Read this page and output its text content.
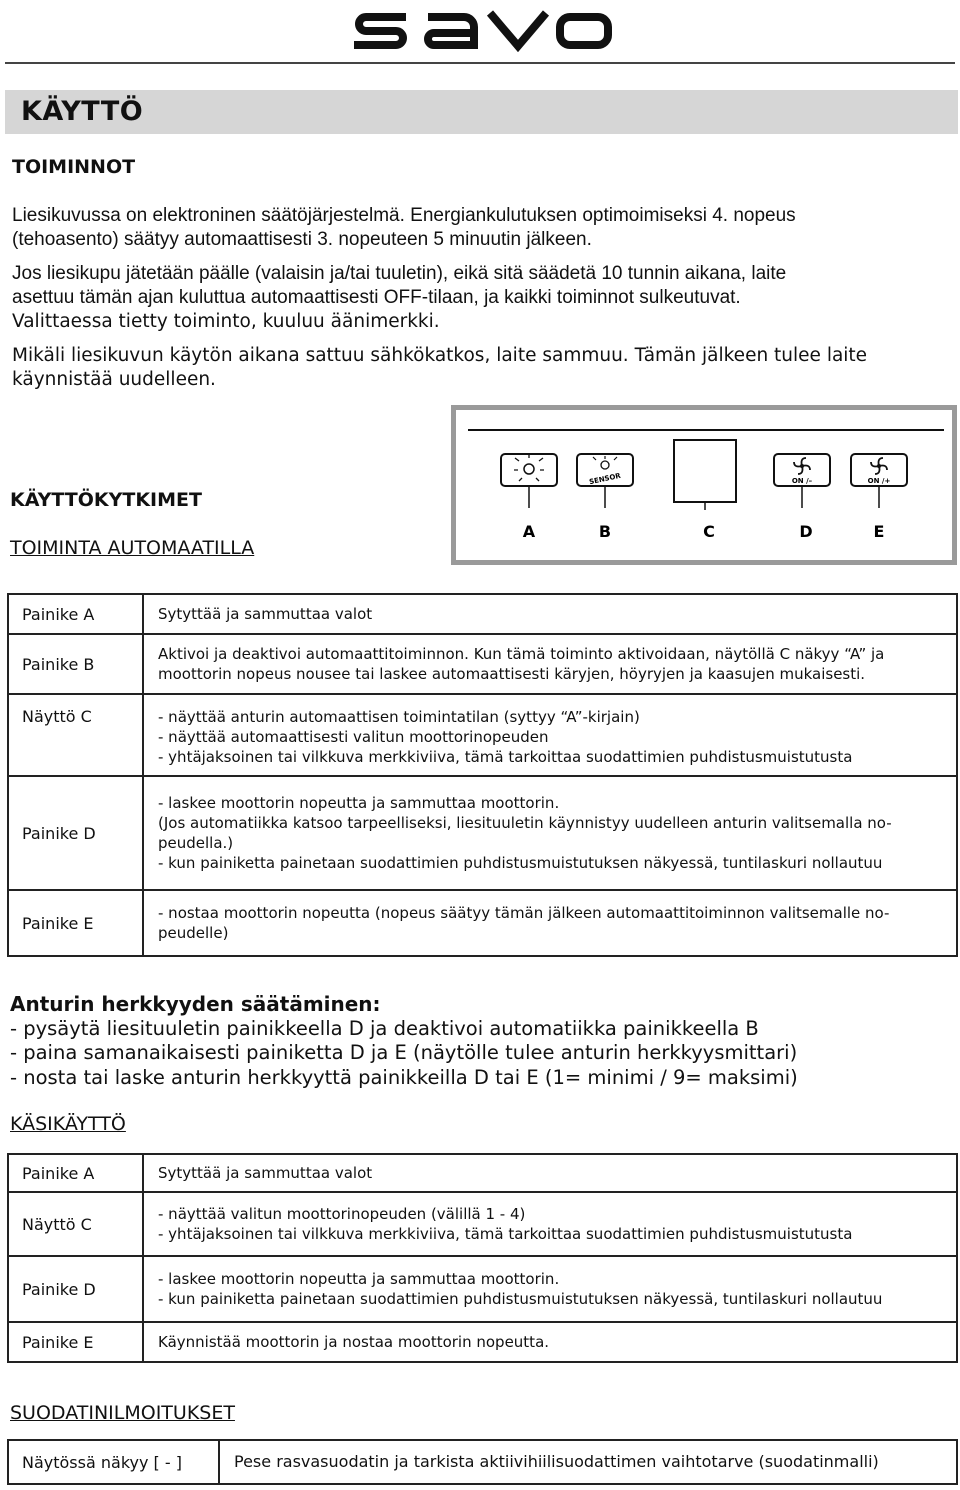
KÄYTTÖ
TOIMINNOT
Liesikuvussa on elektroninen säätöjärjestelmä. Energiankulutuksen optimoimiseksi 4. nopeus
(tehoasento) säätyy automaattisesti 3. nopeuteen 5 minuutin jälkeen.
Jos liesikupu jätetään päälle (valaisin ja/tai tuuletin), eikä sitä säädetä 10 tunnin aikana, laite
asettuu tämän ajan kuluttua automaattisesti OFF-tilaan, ja kaikki toiminnot sulkeutuvat.
Valittaessa tietty toiminto, kuuluu äänimerkki.
Mikäli liesikuvun käytön aikana sattuu sähkökatkos, laite sammuu. Tämän jälkeen tulee laite
käynnistää uudelleen.
SENSOR	ON /–	ON /+
A	B	C	D	E
KÄYTTÖKYTKIMET
TOIMINTA AUTOMAATILLA
Painike A	Sytyttää ja sammuttaa valot

Painike B	Aktivoi ja deaktivoi automaattitoiminnon. Kun tämä toiminto aktivoidaan, näytöllä C näkyy “A” ja
moottorin nopeus nousee tai laskee automaattisesti käryjen, höyryjen ja kaasujen mukaisesti.

Näyttö C	- näyttää anturin automaattisen toimintatilan (syttyy “A”-kirjain)
- näyttää automaattisesti valitun moottorinopeuden
- yhtäjaksoinen tai vilkkuva merkkiviiva, tämä tarkoittaa suodattimien puhdistusmuistutusta

Painike D	- laskee moottorin nopeutta ja sammuttaa moottorin.
(Jos automatiikka katsoo tarpeelliseksi, liesituuletin käynnistyy uudelleen anturin valitsemalla no-
peudella.)
- kun painiketta painetaan suodattimien puhdistusmuistutuksen näkyessä, tuntilaskuri nollautuu

Painike E	- nostaa moottorin nopeutta (nopeus säätyy tämän jälkeen automaattitoiminnon valitsemalle no-
peudelle)
Anturin herkkyyden säätäminen:
- pysäytä liesituuletin painikkeella D ja deaktivoi automatiikka painikkeella B
- paina samanaikaisesti painiketta D ja E (näytölle tulee anturin herkkyysmittari)
- nosta tai laske anturin herkkyyttä painikkeilla D tai E (1= minimi / 9= maksimi)
KÄSIKÄYTTÖ
Painike A	Sytyttää ja sammuttaa valot

Näyttö C	- näyttää valitun moottorinopeuden (välillä 1 - 4)
- yhtäjaksoinen tai vilkkuva merkkiviiva, tämä tarkoittaa suodattimien puhdistusmuistutusta

Painike D	- laskee moottorin nopeutta ja sammuttaa moottorin.
- kun painiketta painetaan suodattimien puhdistusmuistutuksen näkyessä, tuntilaskuri nollautuu

Painike E	Käynnistää moottorin ja nostaa moottorin nopeutta.
SUODATINILMOITUKSET
Näytössä näkyy [ - ]	Pese rasvasuodatin ja tarkista aktiivihiilisuodattimen vaihtotarve (suodatinmalli)
